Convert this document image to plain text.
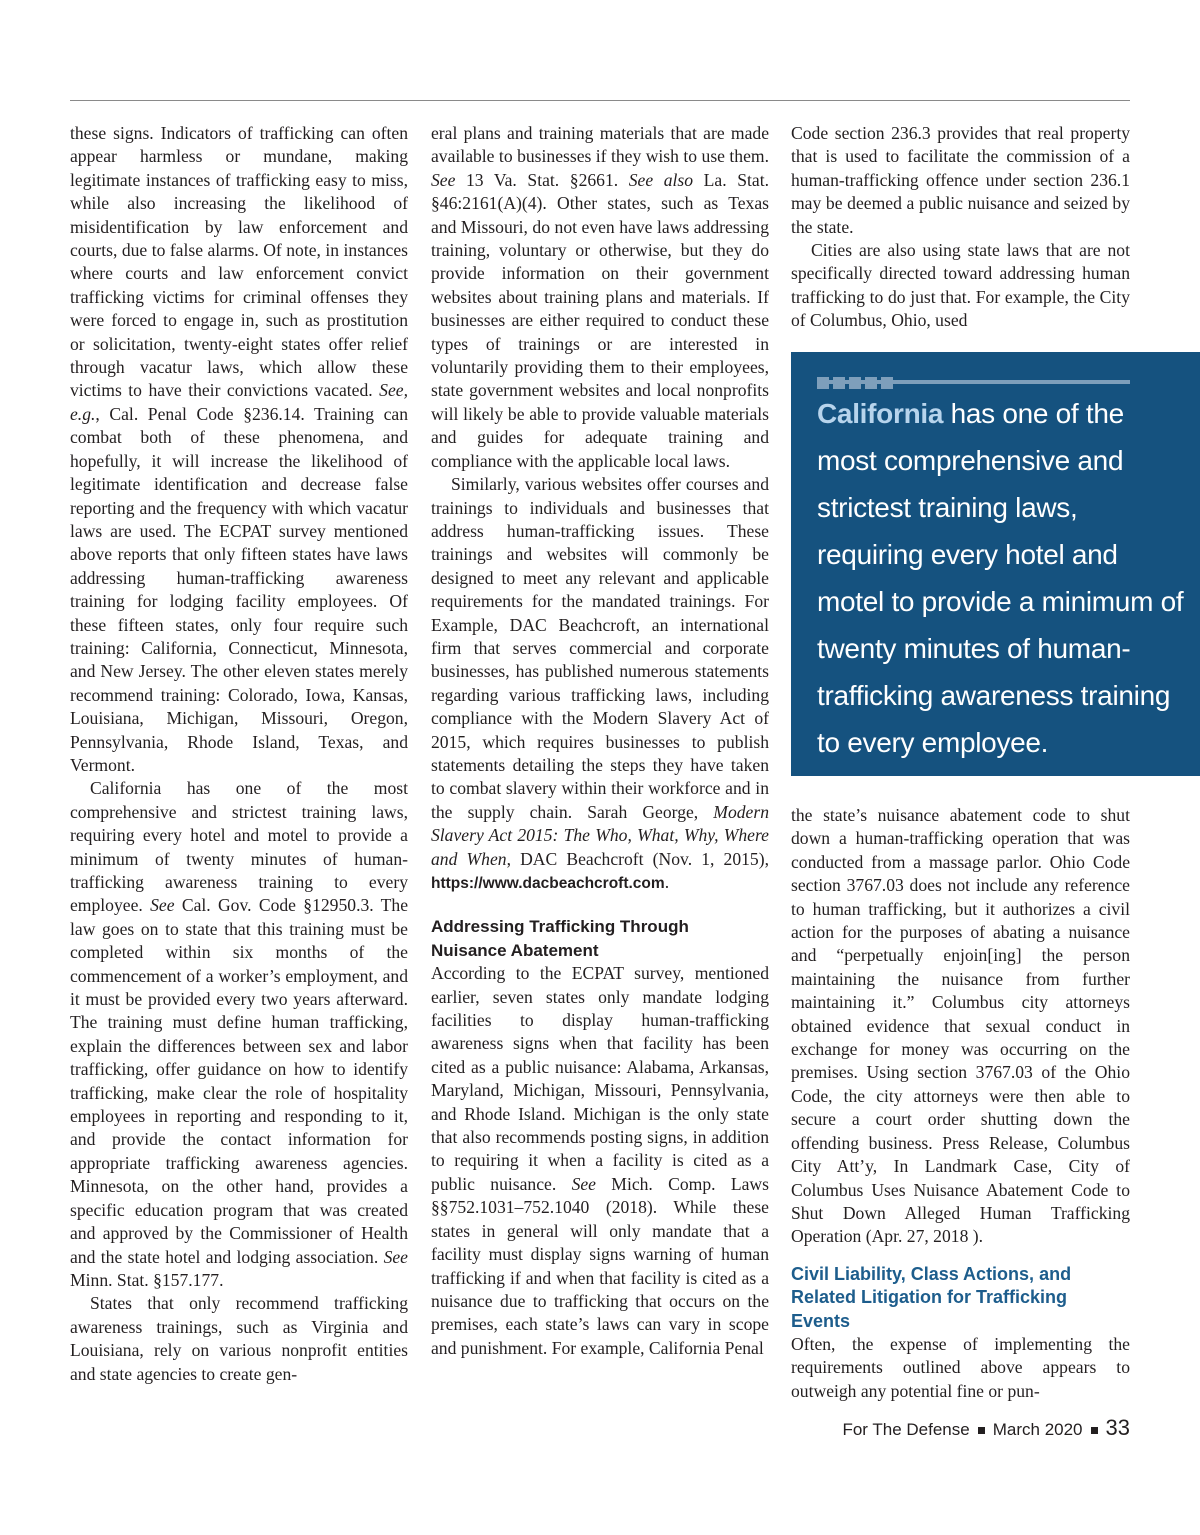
these signs. Indicators of trafficking can often appear harmless or mundane, making legitimate instances of trafficking easy to miss, while also increasing the likelihood of misidentification by law enforcement and courts, due to false alarms. Of note, in instances where courts and law enforcement convict trafficking victims for criminal offenses they were forced to engage in, such as prostitution or solicitation, twenty-eight states offer relief through vacatur laws, which allow these victims to have their convictions vacated. See, e.g., Cal. Penal Code §236.14. Training can combat both of these phenomena, and hopefully, it will increase the likelihood of legitimate identification and decrease false reporting and the frequency with which vacatur laws are used. The ECPAT survey mentioned above reports that only fifteen states have laws addressing human-trafficking awareness training for lodging facility employees. Of these fifteen states, only four require such training: California, Connecticut, Minnesota, and New Jersey. The other eleven states merely recommend training: Colorado, Iowa, Kansas, Louisiana, Michigan, Missouri, Oregon, Pennsylvania, Rhode Island, Texas, and Vermont.

California has one of the most comprehensive and strictest training laws, requiring every hotel and motel to provide a minimum of twenty minutes of human-trafficking awareness training to every employee. See Cal. Gov. Code §12950.3. The law goes on to state that this training must be completed within six months of the commencement of a worker’s employment, and it must be provided every two years afterward. The training must define human trafficking, explain the differences between sex and labor trafficking, offer guidance on how to identify trafficking, make clear the role of hospitality employees in reporting and responding to it, and provide the contact information for appropriate trafficking awareness agencies. Minnesota, on the other hand, provides a specific education program that was created and approved by the Commissioner of Health and the state hotel and lodging association. See Minn. Stat. §157.177.

States that only recommend trafficking awareness trainings, such as Virginia and Louisiana, rely on various nonprofit entities and state agencies to create gen-

eral plans and training materials that are made available to businesses if they wish to use them. See 13 Va. Stat. §2661. See also La. Stat. §46:2161(A)(4). Other states, such as Texas and Missouri, do not even have laws addressing training, voluntary or otherwise, but they do provide information on their government websites about training plans and materials. If businesses are either required to conduct these types of trainings or are interested in voluntarily providing them to their employees, state government websites and local nonprofits will likely be able to provide valuable materials and guides for adequate training and compliance with the applicable local laws.

Similarly, various websites offer courses and trainings to individuals and businesses that address human-trafficking issues. These trainings and websites will commonly be designed to meet any relevant and applicable requirements for the mandated trainings. For Example, DAC Beachcroft, an international firm that serves commercial and corporate businesses, has published numerous statements regarding various trafficking laws, including compliance with the Modern Slavery Act of 2015, which requires businesses to publish statements detailing the steps they have taken to combat slavery within their workforce and in the supply chain. Sarah George, Modern Slavery Act 2015: The Who, What, Why, Where and When, DAC Beachcroft (Nov. 1, 2015), https://www.dacbeachcroft.com.

Addressing Trafficking Through Nuisance Abatement

According to the ECPAT survey, mentioned earlier, seven states only mandate lodging facilities to display human-trafficking awareness signs when that facility has been cited as a public nuisance: Alabama, Arkansas, Maryland, Michigan, Missouri, Pennsylvania, and Rhode Island. Michigan is the only state that also recommends posting signs, in addition to requiring it when a facility is cited as a public nuisance. See Mich. Comp. Laws §§752.1031–752.1040 (2018). While these states in general will only mandate that a facility must display signs warning of human trafficking if and when that facility is cited as a nuisance due to trafficking that occurs on the premises, each state’s laws can vary in scope and punishment. For example, California Penal

Code section 236.3 provides that real property that is used to facilitate the commission of a human-trafficking offence under section 236.1 may be deemed a public nuisance and seized by the state.

Cities are also using state laws that are not specifically directed toward addressing human trafficking to do just that. For example, the City of Columbus, Ohio, used

California has one of the most comprehensive and strictest training laws, requiring every hotel and motel to provide a minimum of twenty minutes of human-trafficking awareness training to every employee.

the state’s nuisance abatement code to shut down a human-trafficking operation that was conducted from a massage parlor. Ohio Code section 3767.03 does not include any reference to human trafficking, but it authorizes a civil action for the purposes of abating a nuisance and “perpetually enjoin[ing] the person maintaining the nuisance from further maintaining it.” Columbus city attorneys obtained evidence that sexual conduct in exchange for money was occurring on the premises. Using section 3767.03 of the Ohio Code, the city attorneys were then able to secure a court order shutting down the offending business. Press Release, Columbus City Att’y, In Landmark Case, City of Columbus Uses Nuisance Abatement Code to Shut Down Alleged Human Trafficking Operation (Apr. 27, 2018 ).

Civil Liability, Class Actions, and Related Litigation for Trafficking Events

Often, the expense of implementing the requirements outlined above appears to outweigh any potential fine or pun-

For The Defense March 2020 33
